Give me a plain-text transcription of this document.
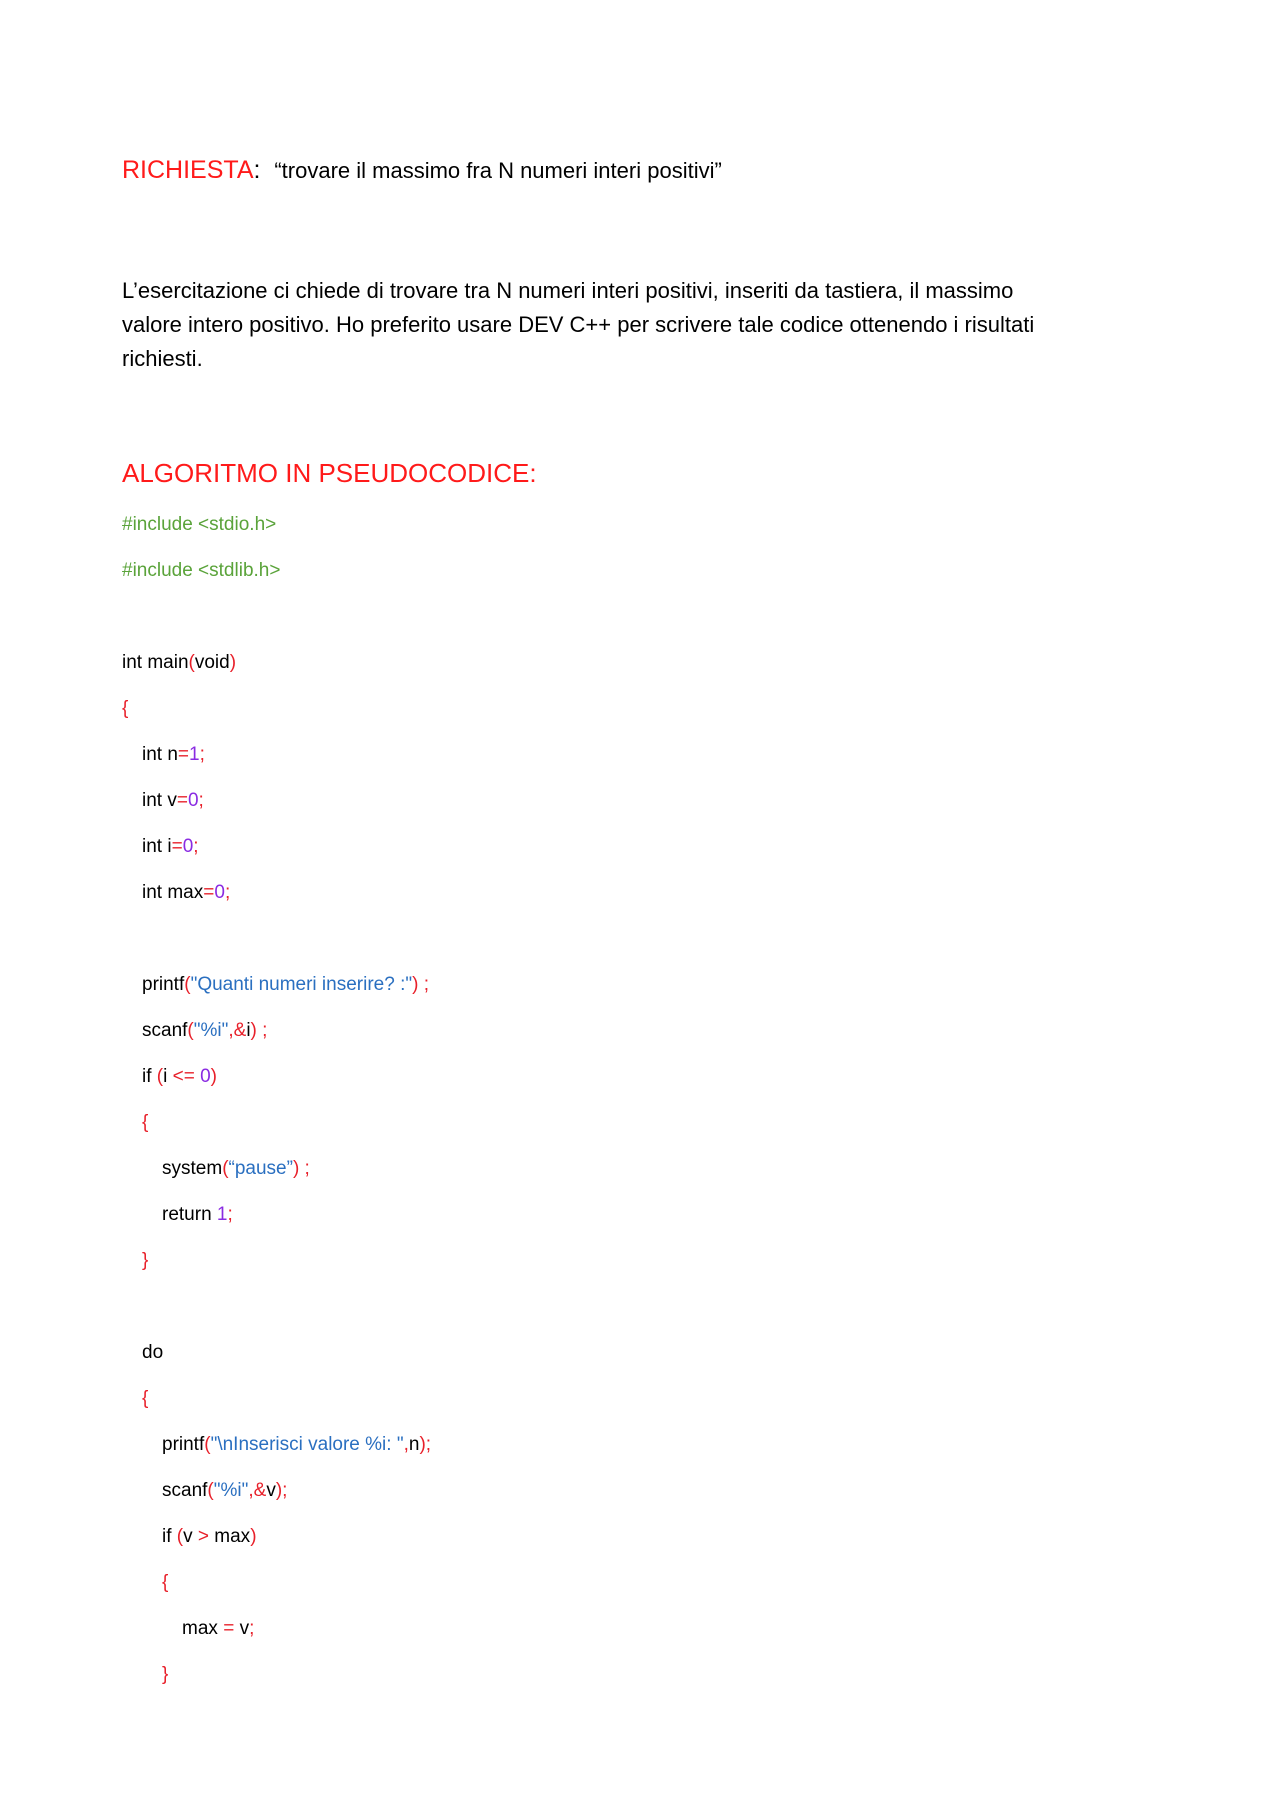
RICHIESTA: “trovare il massimo fra N numeri interi positivi”

L’esercitazione ci chiede di trovare tra N numeri interi positivi, inseriti da tastiera, il massimo

valore intero positivo. Ho preferito usare DEV C++ per scrivere tale codice ottenendo i risultati

richiesti.

ALGORITMO IN PSEUDOCODICE:

#include <stdio.h>

#include <stdlib.h>

int main(void)

{

int n=1;

int v=0;

int i=0;

int max=0;

printf("Quanti numeri inserire? :") ;

scanf("%i",&i) ;

if (i <= 0)

{

system(“pause”) ;

return 1;

}

do

{

printf("\nInserisci valore %i: ",n);

scanf("%i",&v);

if (v > max)

{

max = v;

}
